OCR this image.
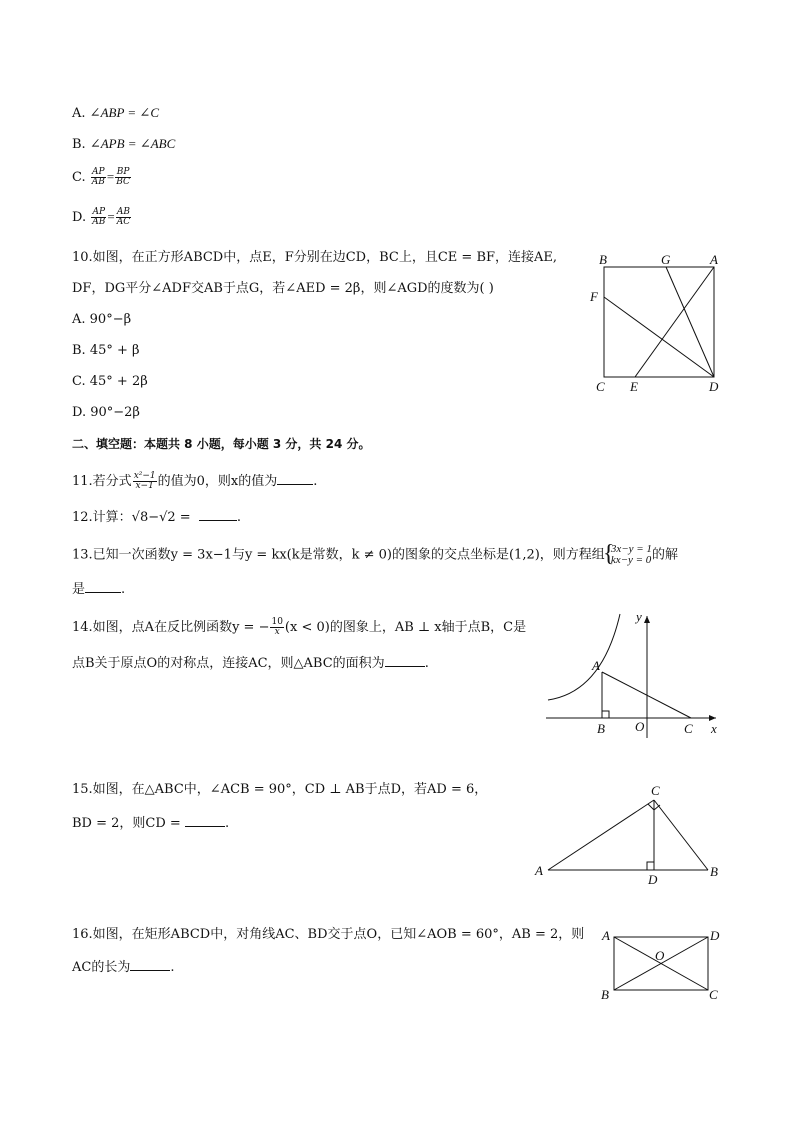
A. ∠ABP = ∠C
B. ∠APB = ∠ABC
C. $\frac{AP}{AB} = \frac{BP}{BC}$
D. $\frac{AP}{AB} = \frac{AB}{AC}$
10.如图，在正方形ABCD中，点E，F分别在边CD，BC上，且CE = BF，连接AE,
DF，DG平分∠ADF交AB于点G，若∠AED = 2β，则∠AGD的度数为( )
A. 90°−β
B. 45° + β
C. 45° + 2β
D. 90°−2β
B	G	A
F
C E	D
二、填空题：本题共 8 小题，每小题 3 分，共 24 分。
11.若分式 $\frac{\text{x²−1}}{x-1}$ 的值为0，则x的值为	.
12.计算：√8−√2 =	.
13.已知一次函数y = 3x−1与y = kx(k是常数，k ≠ 0)的图象的交点坐标是(1,2)，则方程组
{ 3x−y = 1
kx−y = 0 的解
是	.
14.如图，点A在反比例函数y = − $\frac{10}{x} (x < 0)$的图象上，AB ⊥ x轴于点B，C是
点B关于原点O的对称点，连接AC，则△ABC的面积为	.
y
A
B O	C x
15.如图，在△ABC中，∠ACB = 90°，CD ⊥ AB于点D，若AD = 6，
BD = 2，则CD =	.
A	B
C
D
16.如图，在矩形ABCD中，对角线AC、BD交于点O，已知∠AOB = 60°，AB = 2，则
AC的长为	.
A	D
O
B	C
